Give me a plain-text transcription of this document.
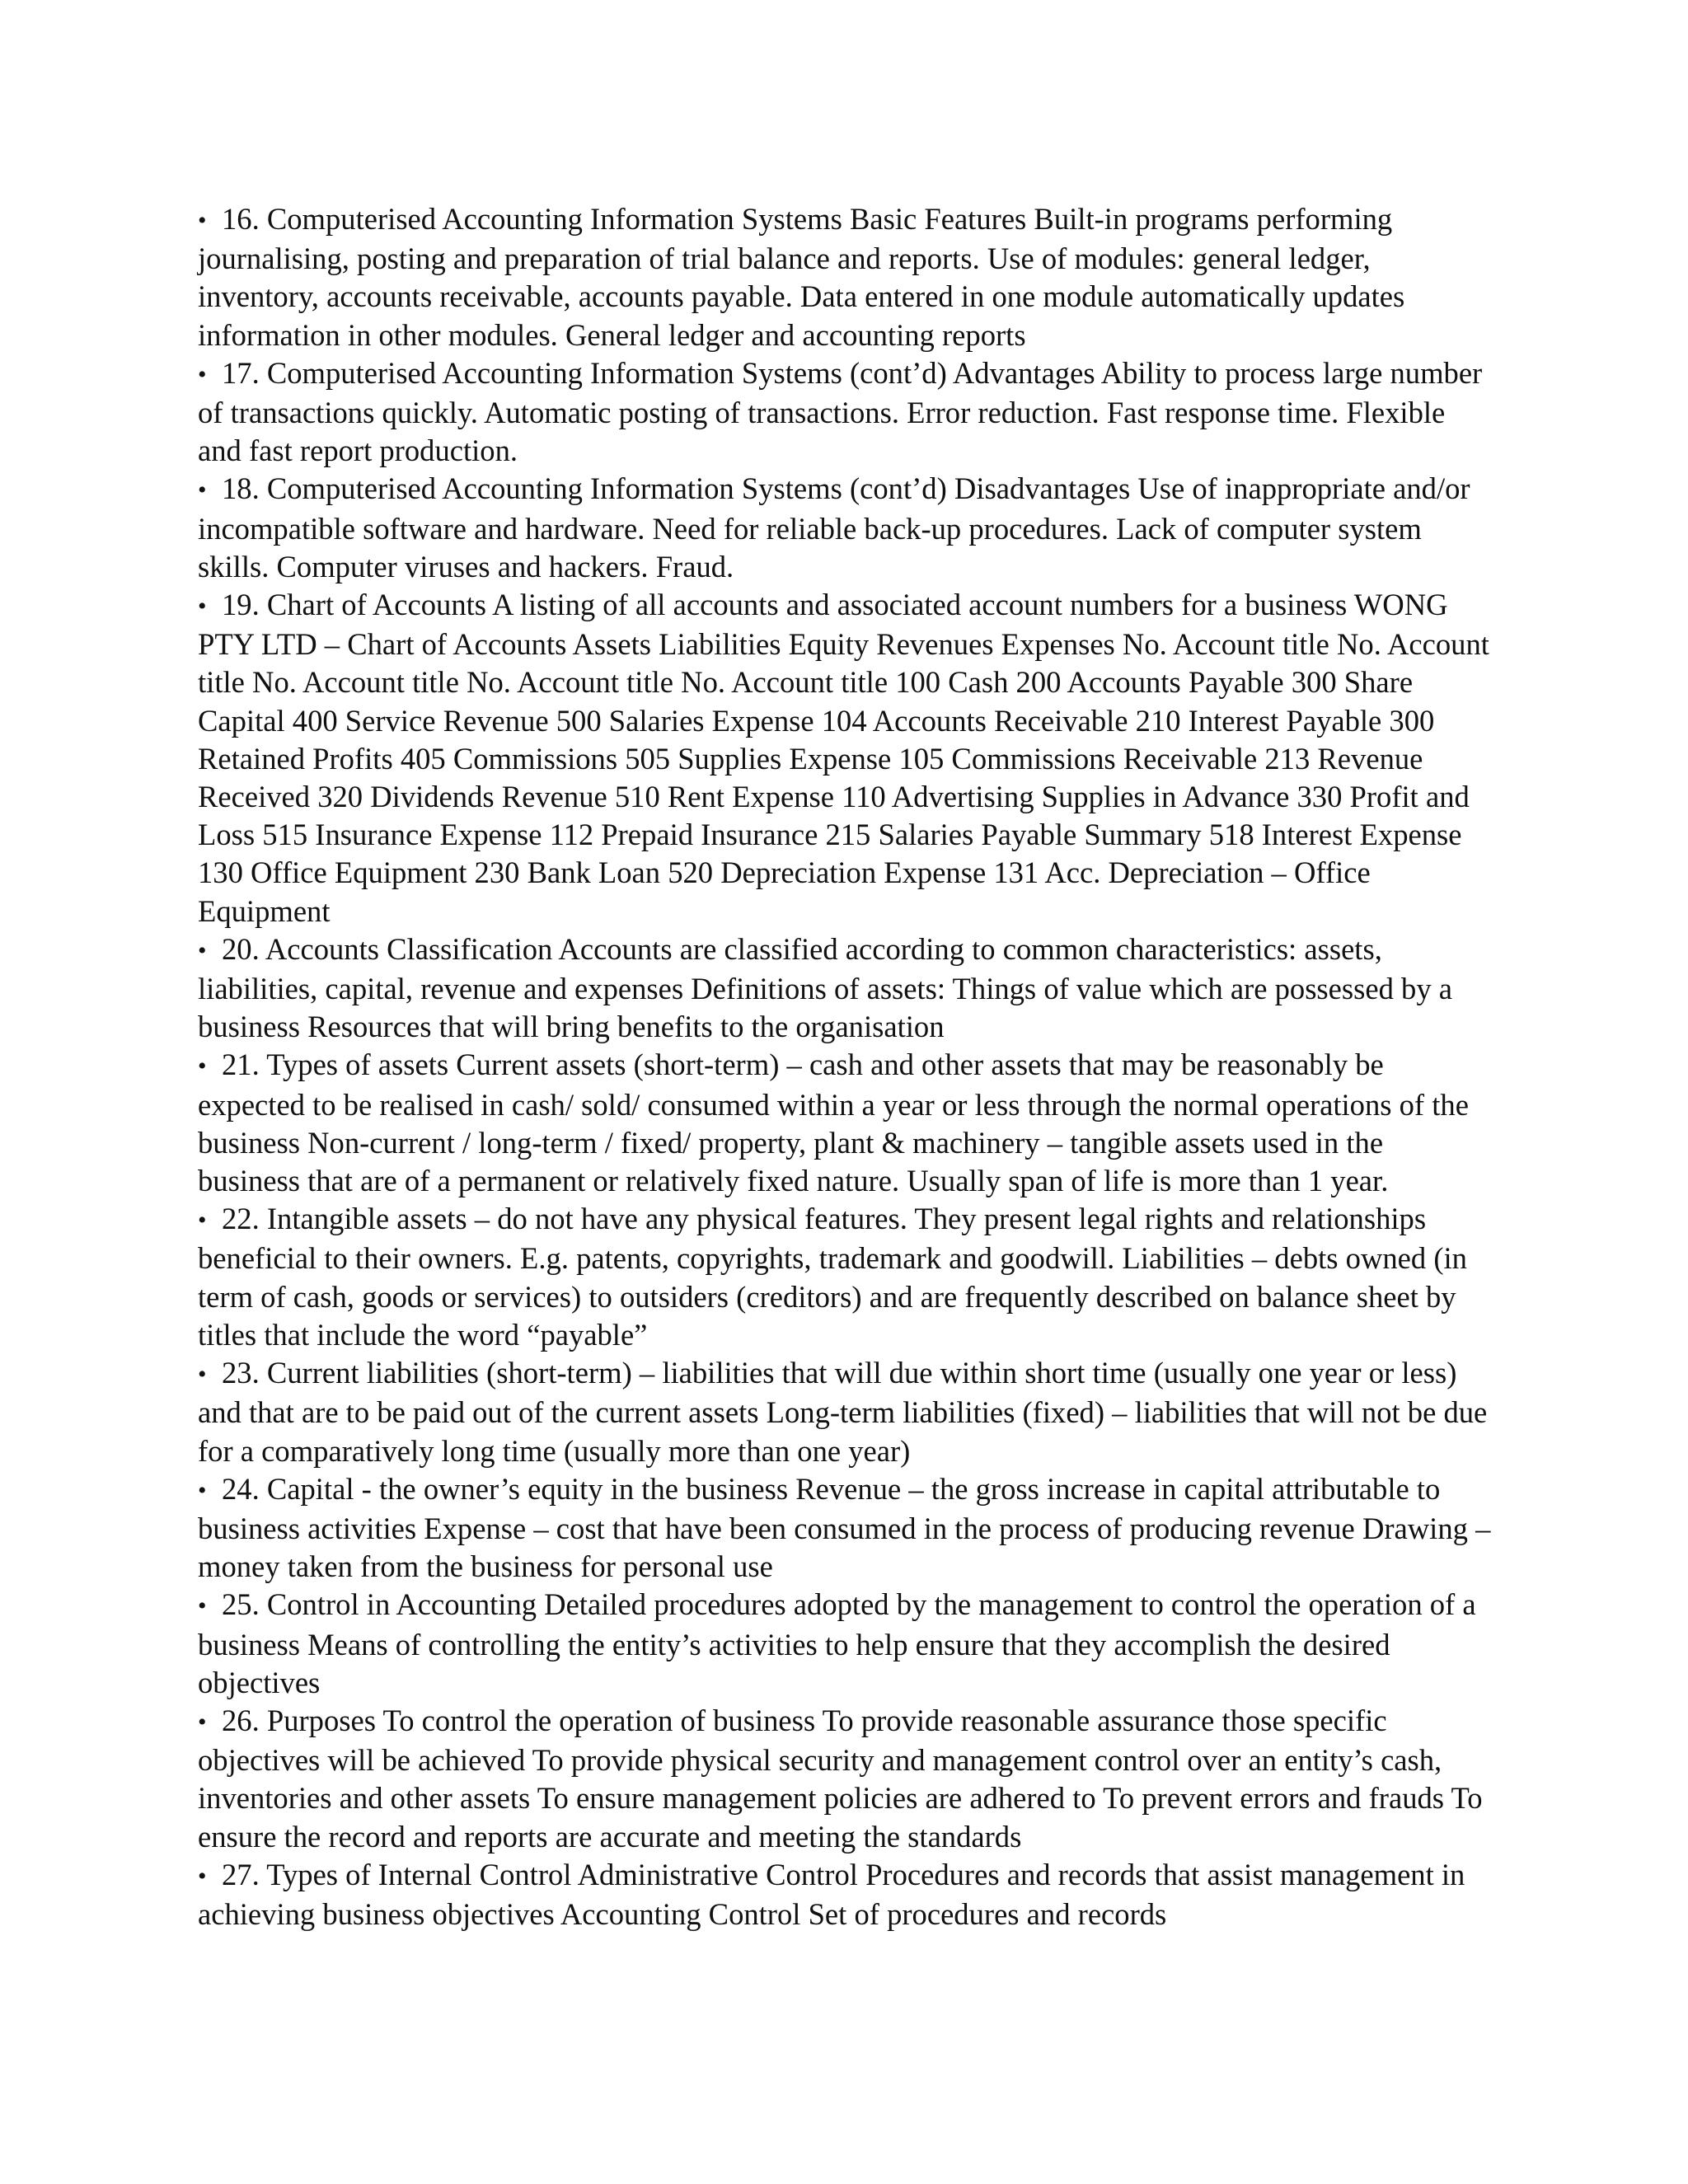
• 16. Computerised Accounting Information Systems Basic Features Built-in programs performing journalising, posting and preparation of trial balance and reports. Use of modules: general ledger, inventory, accounts receivable, accounts payable. Data entered in one module automatically updates information in other modules. General ledger and accounting reports

• 17. Computerised Accounting Information Systems (cont’d) Advantages Ability to process large number of transactions quickly. Automatic posting of transactions. Error reduction. Fast response time. Flexible and fast report production.

• 18. Computerised Accounting Information Systems (cont’d) Disadvantages Use of inappropriate and/or incompatible software and hardware. Need for reliable back-up procedures. Lack of computer system skills. Computer viruses and hackers. Fraud.

• 19. Chart of Accounts A listing of all accounts and associated account numbers for a business WONG PTY LTD – Chart of Accounts Assets Liabilities Equity Revenues Expenses No. Account title No. Account title No. Account title No. Account title No. Account title 100 Cash 200 Accounts Payable 300 Share Capital 400 Service Revenue 500 Salaries Expense 104 Accounts Receivable 210 Interest Payable 300 Retained Profits 405 Commissions 505 Supplies Expense 105 Commissions Receivable 213 Revenue Received 320 Dividends Revenue 510 Rent Expense 110 Advertising Supplies in Advance 330 Profit and Loss 515 Insurance Expense 112 Prepaid Insurance 215 Salaries Payable Summary 518 Interest Expense 130 Office Equipment 230 Bank Loan 520 Depreciation Expense 131 Acc. Depreciation – Office Equipment

• 20. Accounts Classification Accounts are classified according to common characteristics: assets, liabilities, capital, revenue and expenses Definitions of assets: Things of value which are possessed by a business Resources that will bring benefits to the organisation

• 21. Types of assets Current assets (short-term) – cash and other assets that may be reasonably be expected to be realised in cash/ sold/ consumed within a year or less through the normal operations of the business Non-current / long-term / fixed/ property, plant & machinery – tangible assets used in the business that are of a permanent or relatively fixed nature. Usually span of life is more than 1 year.

• 22. Intangible assets – do not have any physical features. They present legal rights and relationships beneficial to their owners. E.g. patents, copyrights, trademark and goodwill. Liabilities – debts owned (in term of cash, goods or services) to outsiders (creditors) and are frequently described on balance sheet by titles that include the word “payable”

• 23. Current liabilities (short-term) – liabilities that will due within short time (usually one year or less) and that are to be paid out of the current assets Long-term liabilities (fixed) – liabilities that will not be due for a comparatively long time (usually more than one year)

• 24. Capital - the owner’s equity in the business Revenue – the gross increase in capital attributable to business activities Expense – cost that have been consumed in the process of producing revenue Drawing – money taken from the business for personal use

• 25. Control in Accounting Detailed procedures adopted by the management to control the operation of a business Means of controlling the entity’s activities to help ensure that they accomplish the desired objectives

• 26. Purposes To control the operation of business To provide reasonable assurance those specific objectives will be achieved To provide physical security and management control over an entity’s cash, inventories and other assets To ensure management policies are adhered to To prevent errors and frauds To ensure the record and reports are accurate and meeting the standards

• 27. Types of Internal Control Administrative Control Procedures and records that assist management in achieving business objectives Accounting Control Set of procedures and records
